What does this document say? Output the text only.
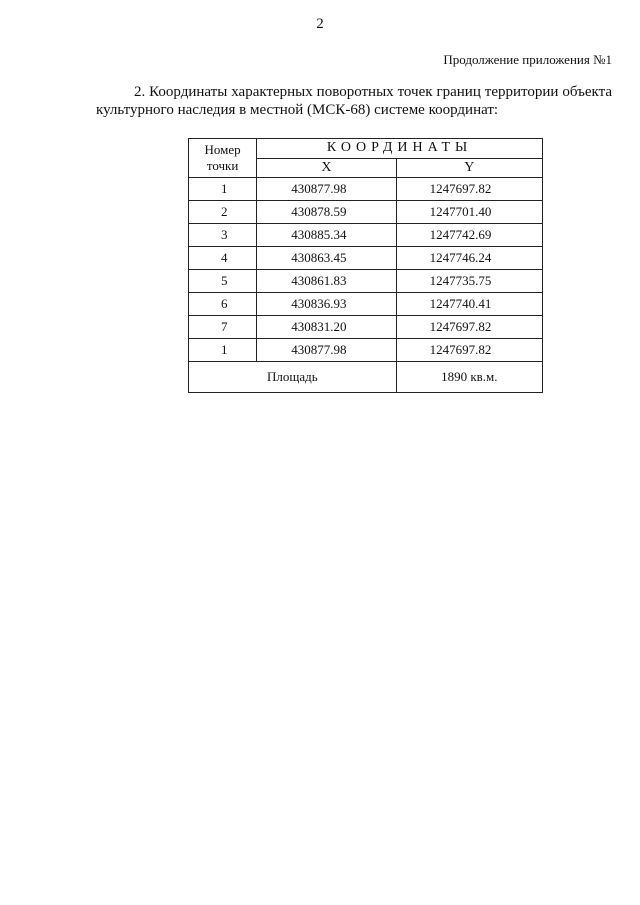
2
Продолжение приложения №1
2. Координаты характерных поворотных точек границ территории объекта культурного наследия в местной (МСК-68) системе координат:
Номер
точки	КООРДИНАТЫ	
	X	Y
1	430877.98	1247697.82
2	430878.59	1247701.40
3	430885.34	1247742.69
4	430863.45	1247746.24
5	430861.83	1247735.75
6	430836.93	1247740.41
7	430831.20	1247697.82
1	430877.98	1247697.82
Площадь		1890 кв.м.
